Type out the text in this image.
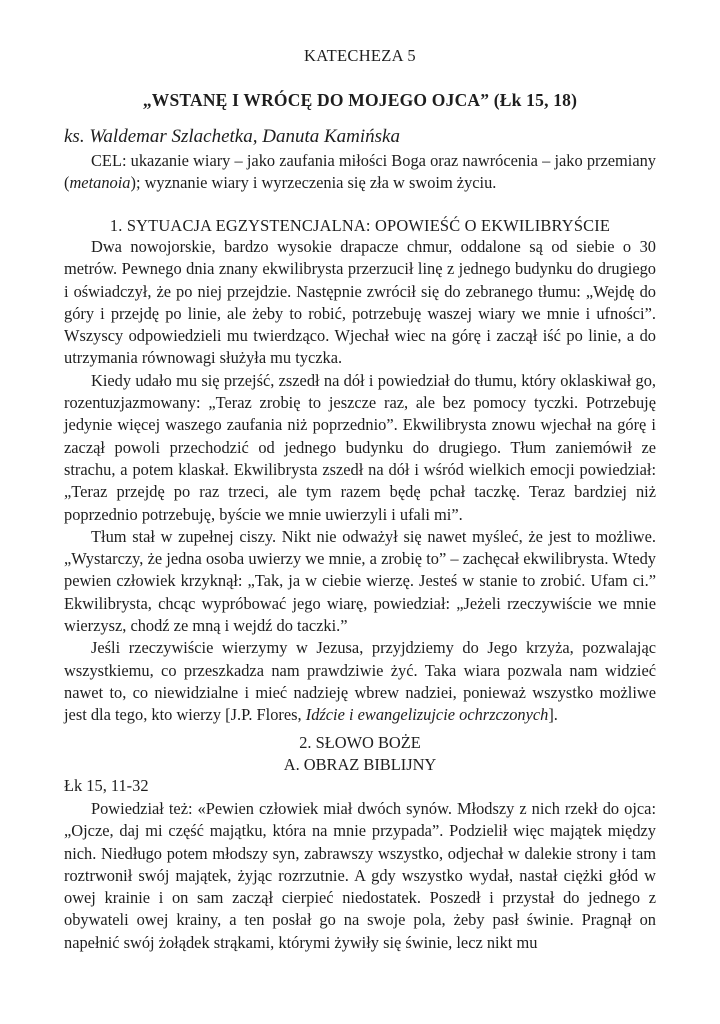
KATECHEZA 5
„WSTANĘ I WRÓCĘ DO MOJEGO OJCA” (Łk 15, 18)
ks. Waldemar Szlachetka, Danuta Kamińska

CEL: ukazanie wiary – jako zaufania miłości Boga oraz nawrócenia – jako przemiany (metanoia); wyznanie wiary i wyrzeczenia się zła w swoim życiu.

1. SYTUACJA EGZYSTENCJALNA: OPOWIEŚĆ O EKWILIBRYŚCIE

Dwa nowojorskie, bardzo wysokie drapacze chmur, oddalone są od siebie o 30 metrów. Pewnego dnia znany ekwilibrysta przerzucił linę z jednego budynku do drugiego i oświadczył, że po niej przejdzie. Następnie zwrócił się do zebranego tłumu: „Wejdę do góry i przejdę po linie, ale żeby to robić, potrzebuję waszej wiary we mnie i ufności”. Wszyscy odpowiedzieli mu twierdząco. Wjechał wiec na górę i zaczął iść po linie, a do utrzymania równowagi służyła mu tyczka.

Kiedy udało mu się przejść, zszedł na dół i powiedział do tłumu, który oklaskiwał go, rozentuzjazmowany: „Teraz zrobię to jeszcze raz, ale bez pomocy tyczki. Potrzebuję jedynie więcej waszego zaufania niż poprzednio”. Ekwilibrysta znowu wjechał na górę i zaczął powoli przechodzić od jednego budynku do drugiego. Tłum zaniemówił ze strachu, a potem klaskał. Ekwilibrysta zszedł na dół i wśród wielkich emocji powiedział: „Teraz przejdę po raz trzeci, ale tym razem będę pchał taczkę. Teraz bardziej niż poprzednio potrzebuję, byście we mnie uwierzyli i ufali mi”.

Tłum stał w zupełnej ciszy. Nikt nie odważył się nawet myśleć, że jest to możliwe. „Wystarczy, że jedna osoba uwierzy we mnie, a zrobię to” – zachęcał ekwilibrysta. Wtedy pewien człowiek krzyknął: „Tak, ja w ciebie wierzę. Jesteś w stanie to zrobić. Ufam ci.” Ekwilibrysta, chcąc wypróbować jego wiarę, powiedział: „Jeżeli rzeczywiście we mnie wierzysz, chodź ze mną i wejdź do taczki.”

Jeśli rzeczywiście wierzymy w Jezusa, przyjdziemy do Jego krzyża, pozwalając wszystkiemu, co przeszkadza nam prawdziwie żyć. Taka wiara pozwala nam widzieć nawet to, co niewidzialne i mieć nadzieję wbrew nadziei, ponieważ wszystko możliwe jest dla tego, kto wierzy [J.P. Flores, Idźcie i ewangelizujcie ochrzczonych].

2. SŁOWO BOŻE
A. OBRAZ BIBLIJNY
Łk 15, 11-32

Powiedział też: «Pewien człowiek miał dwóch synów. Młodszy z nich rzekł do ojca: „Ojcze, daj mi część majątku, która na mnie przypada”. Podzielił więc majątek między nich. Niedługo potem młodszy syn, zabrawszy wszystko, odjechał w dalekie strony i tam roztrwonił swój majątek, żyjąc rozrzutnie. A gdy wszystko wydał, nastał ciężki głód w owej krainie i on sam zaczął cierpieć niedostatek. Poszedł i przystał do jednego z obywateli owej krainy, a ten posłał go na swoje pola, żeby pasł świnie. Pragnął on napełnić swój żołądek strąkami, którymi żywiły się świnie, lecz nikt mu
